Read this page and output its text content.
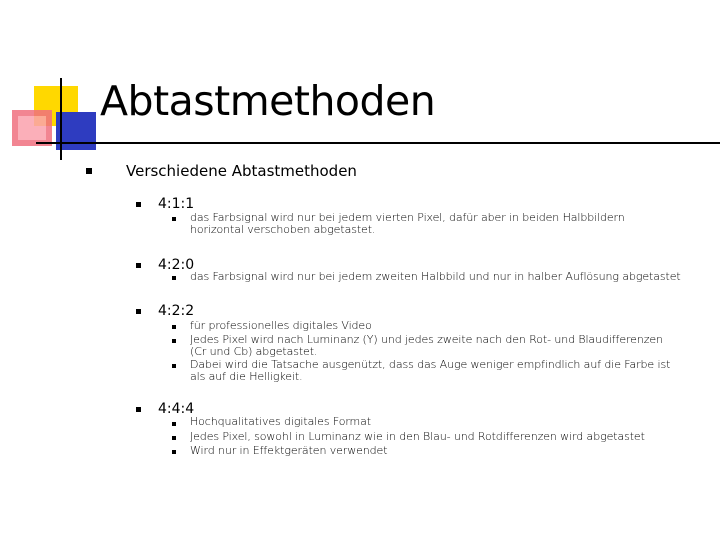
Abtastmethoden
Verschiedene Abtastmethoden
4:1:1
das Farbsignal wird nur bei jedem vierten Pixel, dafür aber in beiden Halbbildern horizontal verschoben abgetastet.
4:2:0
das Farbsignal wird nur bei jedem zweiten Halbbild und nur in halber Auflösung abgetastet
4:2:2
für professionelles digitales Video
Jedes Pixel wird nach Luminanz (Y) und jedes zweite nach den Rot- und Blaudifferenzen (Cr und Cb) abgetastet.
Dabei wird die Tatsache ausgenützt, dass das Auge weniger empfindlich auf die Farbe ist als auf die Helligkeit.
4:4:4
Hochqualitatives digitales Format
Jedes Pixel, sowohl in Luminanz wie in den Blau- und Rotdifferenzen wird abgetastet
Wird nur in Effektgeräten verwendet
